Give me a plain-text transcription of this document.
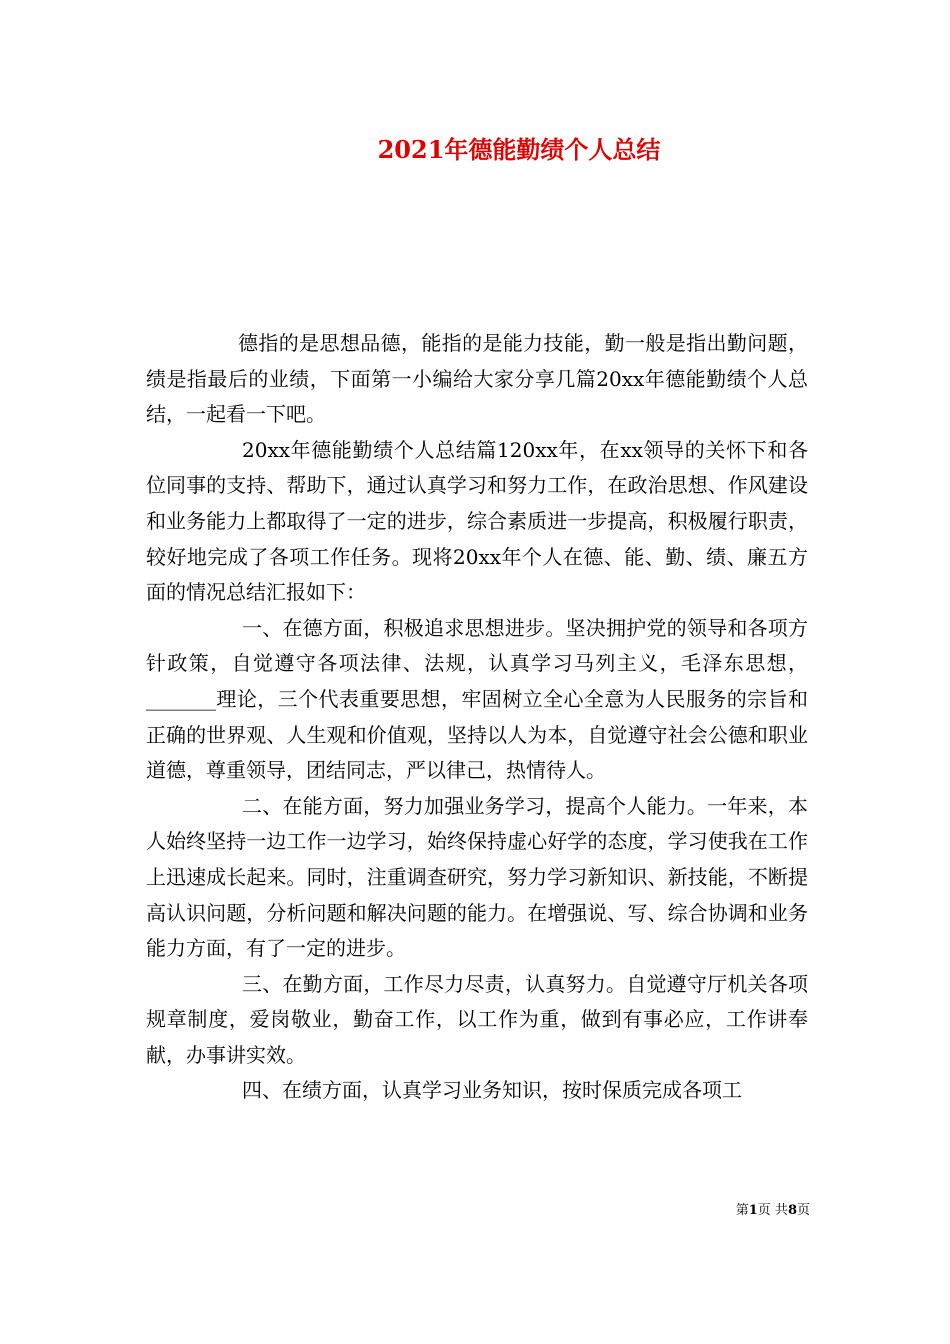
2021年德能勤绩个人总结

德指的是思想品德，能指的是能力技能，勤一般是指出勤问题，绩是指最后的业绩，下面第一小编给大家分享几篇20xx年德能勤绩个人总结，一起看一下吧。

20xx年德能勤绩个人总结篇120xx年，在xx领导的关怀下和各位同事的支持、帮助下，通过认真学习和努力工作，在政治思想、作风建设和业务能力上都取得了一定的进步，综合素质进一步提高，积极履行职责，较好地完成了各项工作任务。现将20xx年个人在德、能、勤、绩、廉五方面的情况总结汇报如下：

一、在德方面，积极追求思想进步。坚决拥护党的领导和各项方针政策，自觉遵守各项法律、法规，认真学习马列主义，毛泽东思想，_______理论，三个代表重要思想，牢固树立全心全意为人民服务的宗旨和正确的世界观、人生观和价值观，坚持以人为本，自觉遵守社会公德和职业道德，尊重领导，团结同志，严以律己，热情待人。

二、在能方面，努力加强业务学习，提高个人能力。一年来，本人始终坚持一边工作一边学习，始终保持虚心好学的态度，学习使我在工作上迅速成长起来。同时，注重调查研究，努力学习新知识、新技能，不断提高认识问题，分析问题和解决问题的能力。在增强说、写、综合协调和业务能力方面，有了一定的进步。

三、在勤方面，工作尽力尽责，认真努力。自觉遵守厅机关各项规章制度，爱岗敬业，勤奋工作，以工作为重，做到有事必应，工作讲奉献，办事讲实效。

四、在绩方面，认真学习业务知识，按时保质完成各项工

第1页 共8页
